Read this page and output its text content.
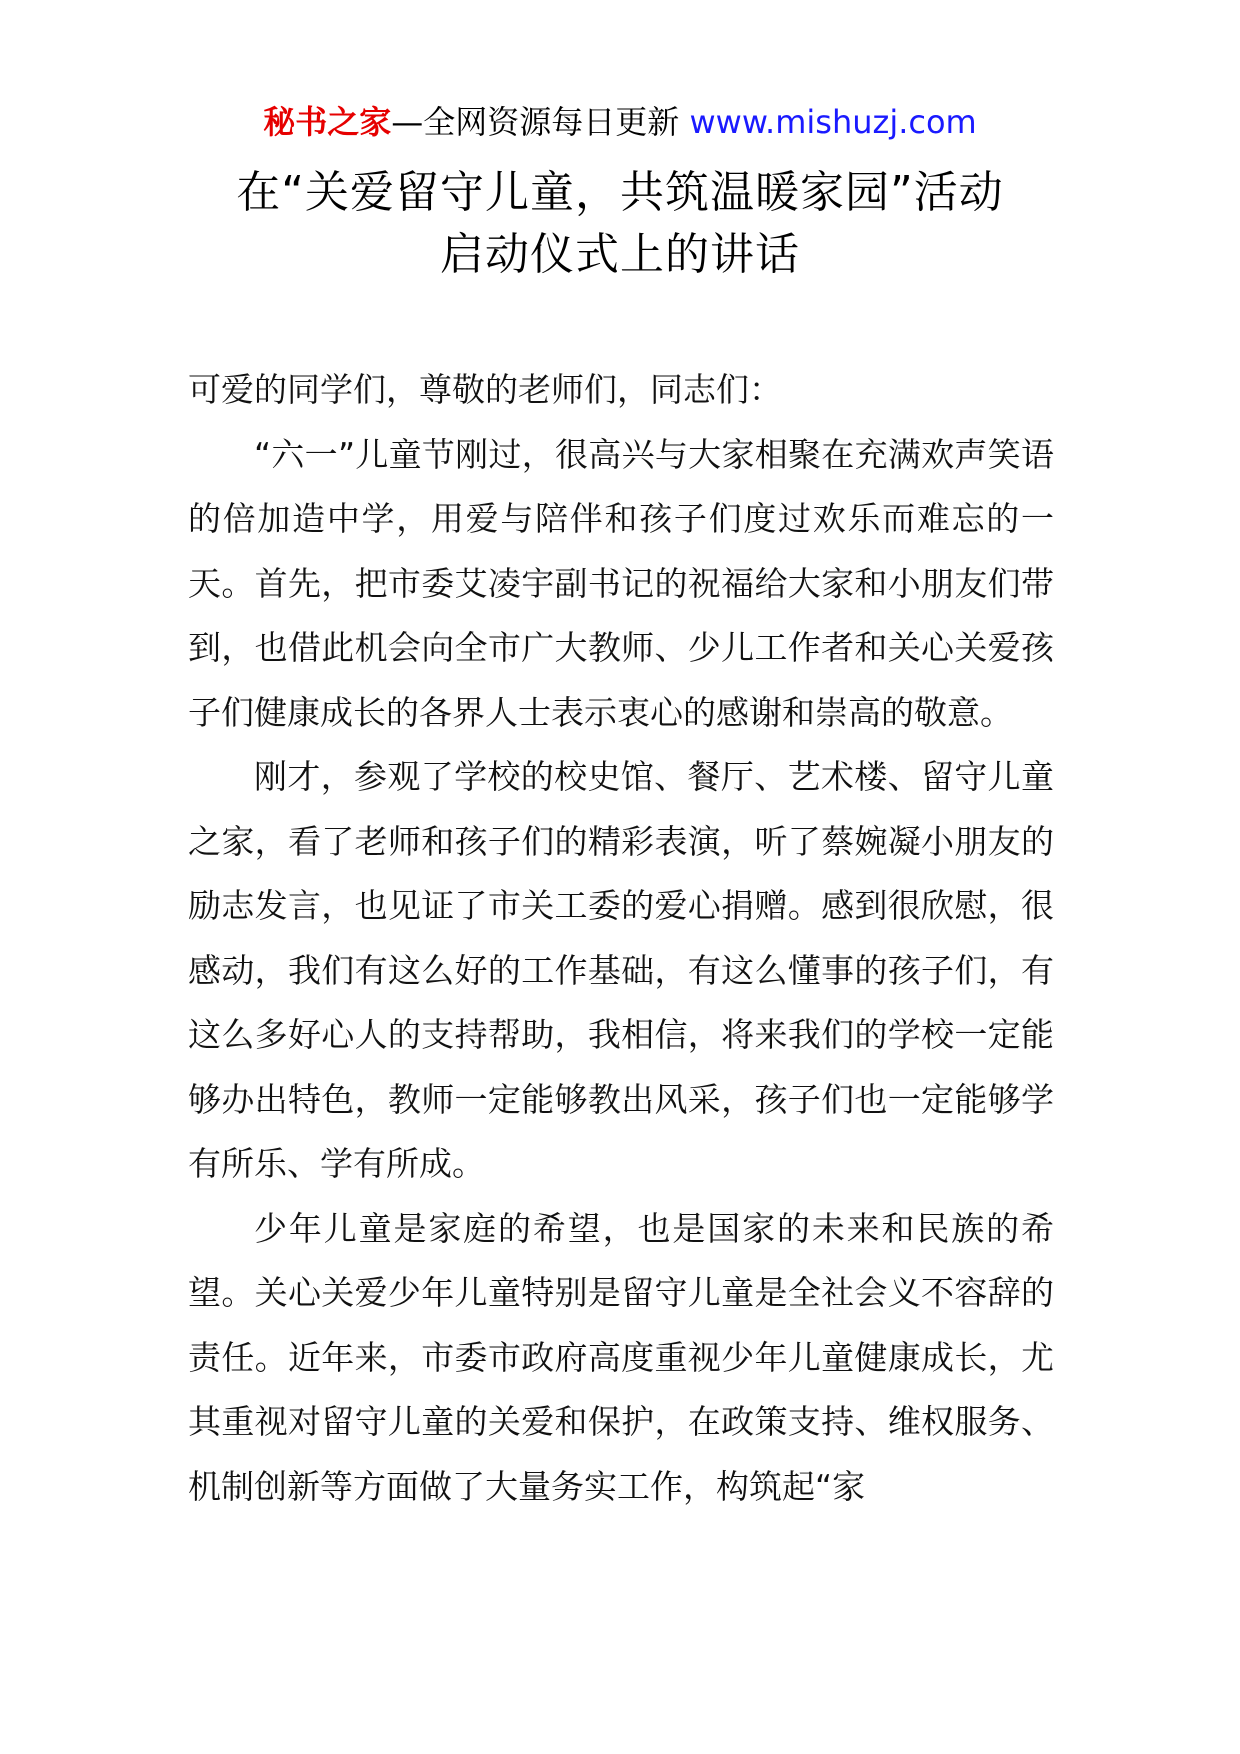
秘书之家—全网资源每日更新 www.mishuzj.com
在“关爱留守儿童，共筑温暖家园”活动
启动仪式上的讲话

可爱的同学们，尊敬的老师们，同志们：

“六一”儿童节刚过，很高兴与大家相聚在充满欢声笑语的倍加造中学，用爱与陪伴和孩子们度过欢乐而难忘的一天。首先，把市委艾凌宇副书记的祝福给大家和小朋友们带到，也借此机会向全市广大教师、少儿工作者和关心关爱孩子们健康成长的各界人士表示衷心的感谢和崇高的敬意。

刚才，参观了学校的校史馆、餐厅、艺术楼、留守儿童之家，看了老师和孩子们的精彩表演，听了蔡婉凝小朋友的励志发言，也见证了市关工委的爱心捐赠。感到很欣慰，很感动，我们有这么好的工作基础，有这么懂事的孩子们，有这么多好心人的支持帮助，我相信，将来我们的学校一定能够办出特色，教师一定能够教出风采，孩子们也一定能够学有所乐、学有所成。

少年儿童是家庭的希望，也是国家的未来和民族的希望。关心关爱少年儿童特别是留守儿童是全社会义不容辞的责任。近年来，市委市政府高度重视少年儿童健康成长，尤其重视对留守儿童的关爱和保护，在政策支持、维权服务、机制创新等方面做了大量务实工作，构筑起“家
